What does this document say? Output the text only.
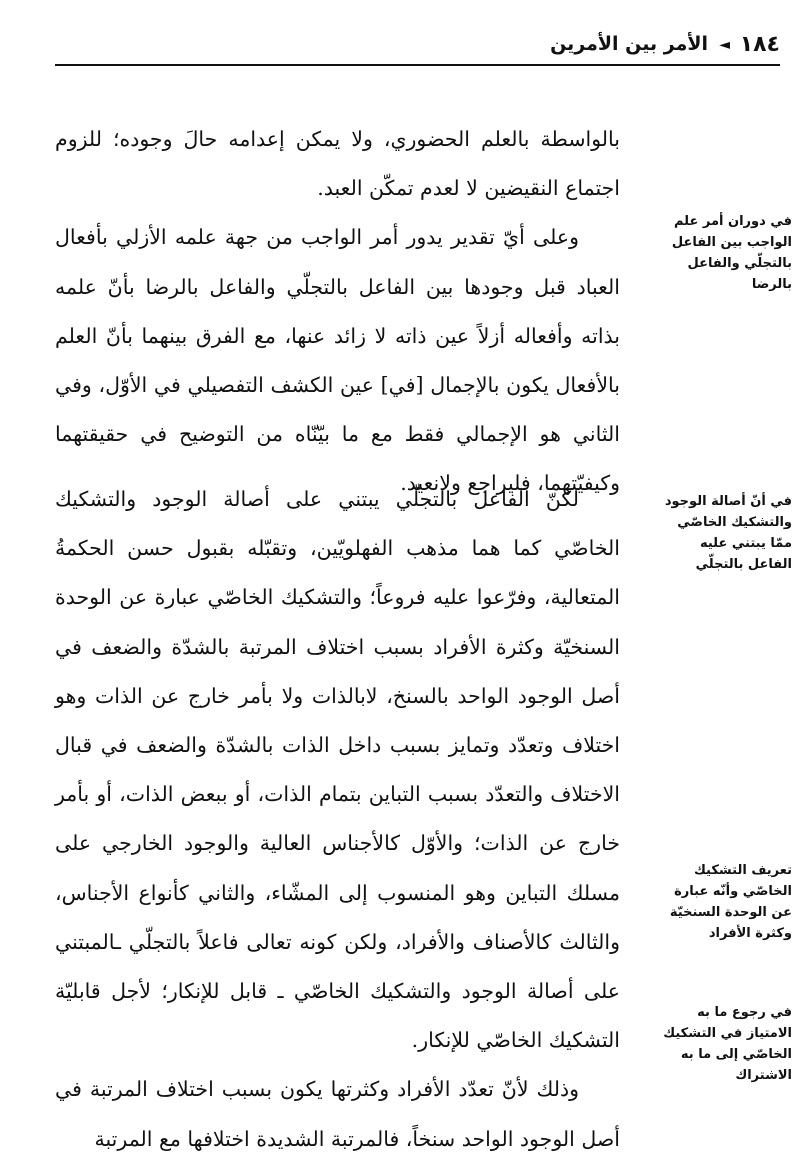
١٨٤
◄
الأمر بين الأمرين

بالواسطة بالعلم الحضوري، ولا يمكن إعدامه حالَ وجوده؛ للزوم اجتماع النقيضين لا لعدم تمكّن العبد.

وعلى أيّ تقدير يدور أمر الواجب من جهة علمه الأزلي بأفعال العباد قبل وجودها بين الفاعل بالتجلّي والفاعل بالرضا بأنّ علمه بذاته وأفعاله أزلاً عين ذاته لا زائد عنها، مع الفرق بينهما بأنّ العلم بالأفعال يكون بالإجمال [في] عين الكشف التفصيلي في الأوّل، وفي الثاني هو الإجمالي فقط مع ما بيّنّاه من التوضيح في حقيقتهما وكيفيّتهما، فليراجع ولانعيد.

لكنّ الفاعل بالتجلّي يبتني على أصالة الوجود والتشكيك الخاصّي كما هما مذهب الفهلويّين، وتقبّله بقبول حسن الحكمةُ المتعالية، وفرّعوا عليه فروعاً؛ والتشكيك الخاصّي عبارة عن الوحدة السنخيّة وكثرة الأفراد بسبب اختلاف المرتبة بالشدّة والضعف في أصل الوجود الواحد بالسنخ، لابالذات ولا بأمر خارج عن الذات وهو اختلاف وتعدّد وتمايز بسبب داخل الذات بالشدّة والضعف في قبال الاختلاف والتعدّد بسبب التباين بتمام الذات، أو ببعض الذات، أو بأمر خارج عن الذات؛ والأوّل كالأجناس العالية والوجود الخارجي على مسلك التباين وهو المنسوب إلى المشّاء، والثاني كأنواع الأجناس، والثالث كالأصناف والأفراد، ولكن كونه تعالى فاعلاً بالتجلّي ـالمبتني على أصالة الوجود والتشكيك الخاصّي ـ قابل للإنكار؛ لأجل قابليّة التشكيك الخاصّي للإنكار.

وذلك لأنّ تعدّد الأفراد وكثرتها يكون بسبب اختلاف المرتبة في أصل الوجود الواحد سنخاً، فالمرتبة الشديدة اختلافها مع المرتبة

في دوران أمر علم الواجب بين الفاعل بالتجلّي والفاعل بالرضا
في أنّ أصالة الوجود والتشكيك الخاصّي ممّا يبتني عليه الفاعل بالتجلّي
تعريف التشكيك الخاصّي وأنّه عبارة عن الوحدة السنخيّة وكثرة الأفراد
في رجوع ما به الامتياز في التشكيك الخاصّي إلى ما به الاشتراك
